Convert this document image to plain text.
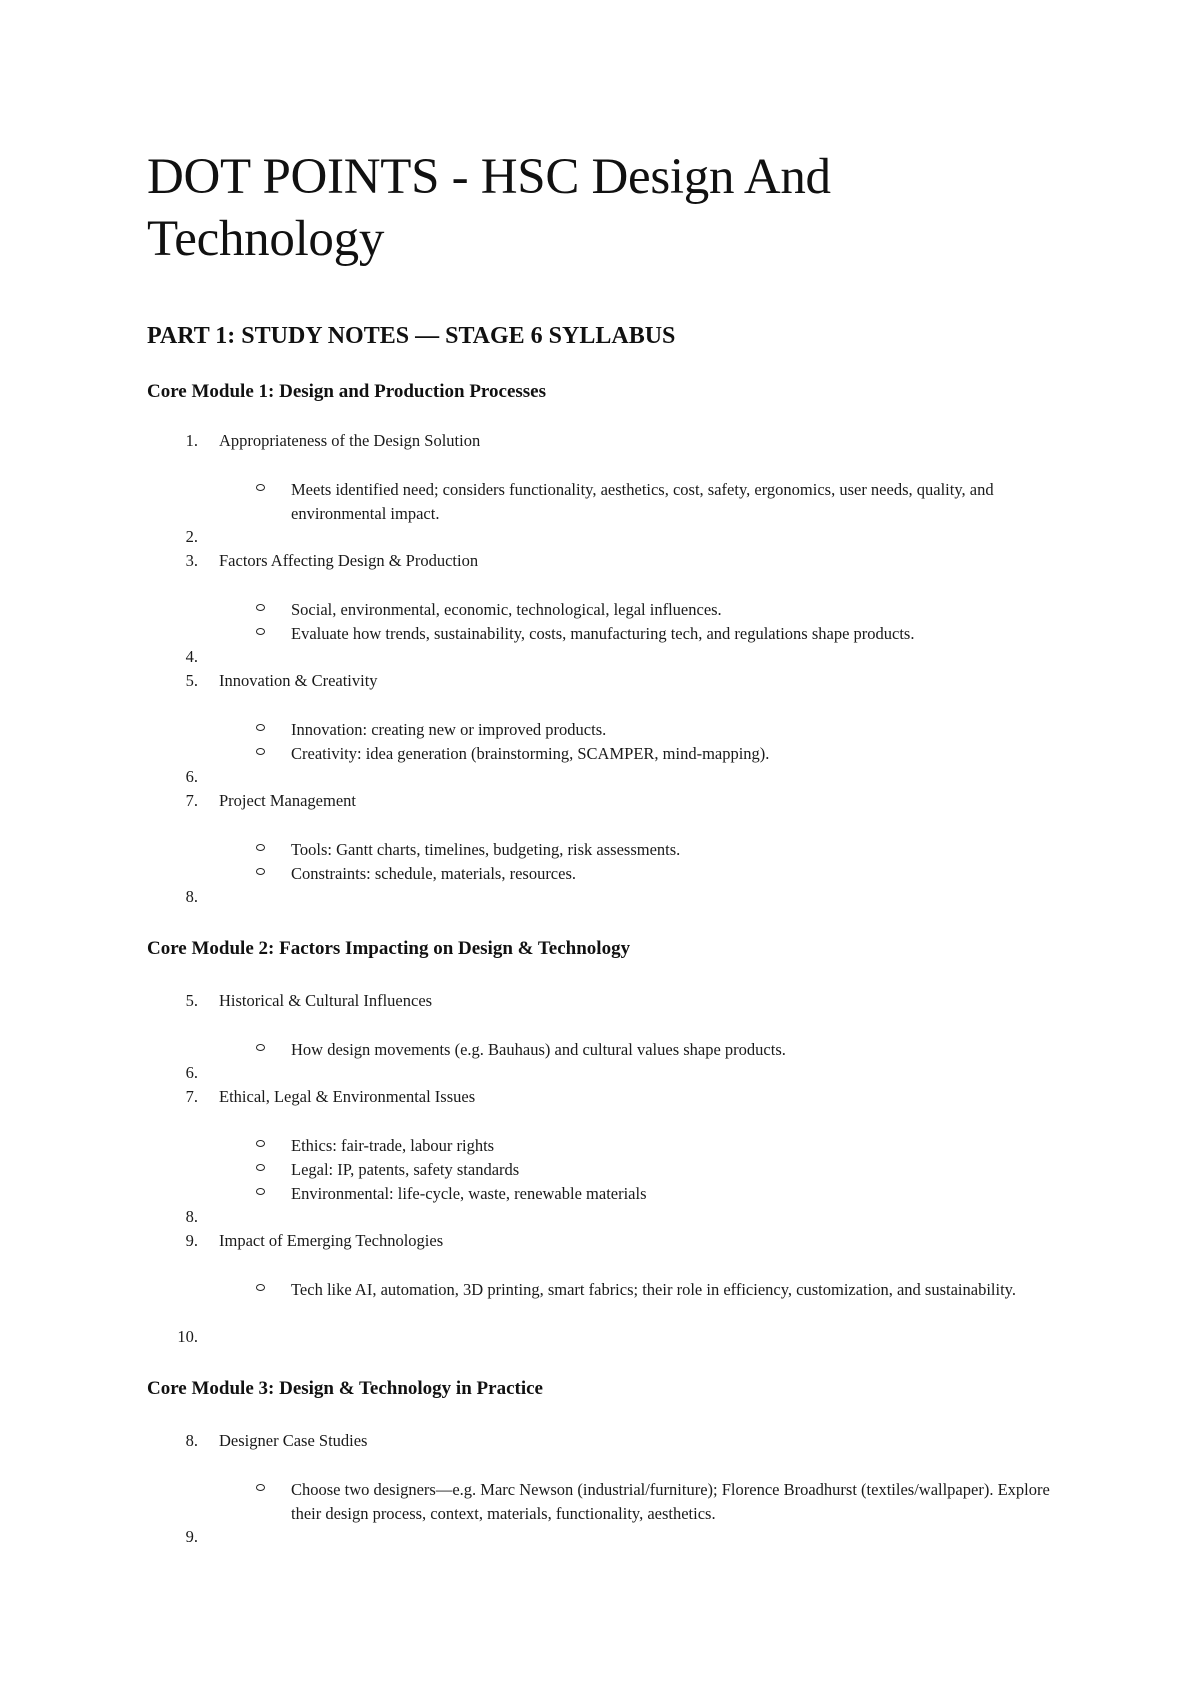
DOT POINTS - HSC Design And Technology
PART 1: STUDY NOTES — STAGE 6 SYLLABUS
Core Module 1: Design and Production Processes
1. Appropriateness of the Design Solution
Meets identified need; considers functionality, aesthetics, cost, safety, ergonomics, user needs, quality, and environmental impact.
2.
3. Factors Affecting Design & Production
Social, environmental, economic, technological, legal influences.
Evaluate how trends, sustainability, costs, manufacturing tech, and regulations shape products.
4.
5. Innovation & Creativity
Innovation: creating new or improved products.
Creativity: idea generation (brainstorming, SCAMPER, mind-mapping).
6.
7. Project Management
Tools: Gantt charts, timelines, budgeting, risk assessments.
Constraints: schedule, materials, resources.
8.
Core Module 2: Factors Impacting on Design & Technology
5. Historical & Cultural Influences
How design movements (e.g. Bauhaus) and cultural values shape products.
6.
7. Ethical, Legal & Environmental Issues
Ethics: fair-trade, labour rights
Legal: IP, patents, safety standards
Environmental: life-cycle, waste, renewable materials
8.
9. Impact of Emerging Technologies
Tech like AI, automation, 3D printing, smart fabrics; their role in efficiency, customization, and sustainability.
10.
Core Module 3: Design & Technology in Practice
8. Designer Case Studies
Choose two designers—e.g. Marc Newson (industrial/furniture); Florence Broadhurst (textiles/wallpaper). Explore their design process, context, materials, functionality, aesthetics.
9.
